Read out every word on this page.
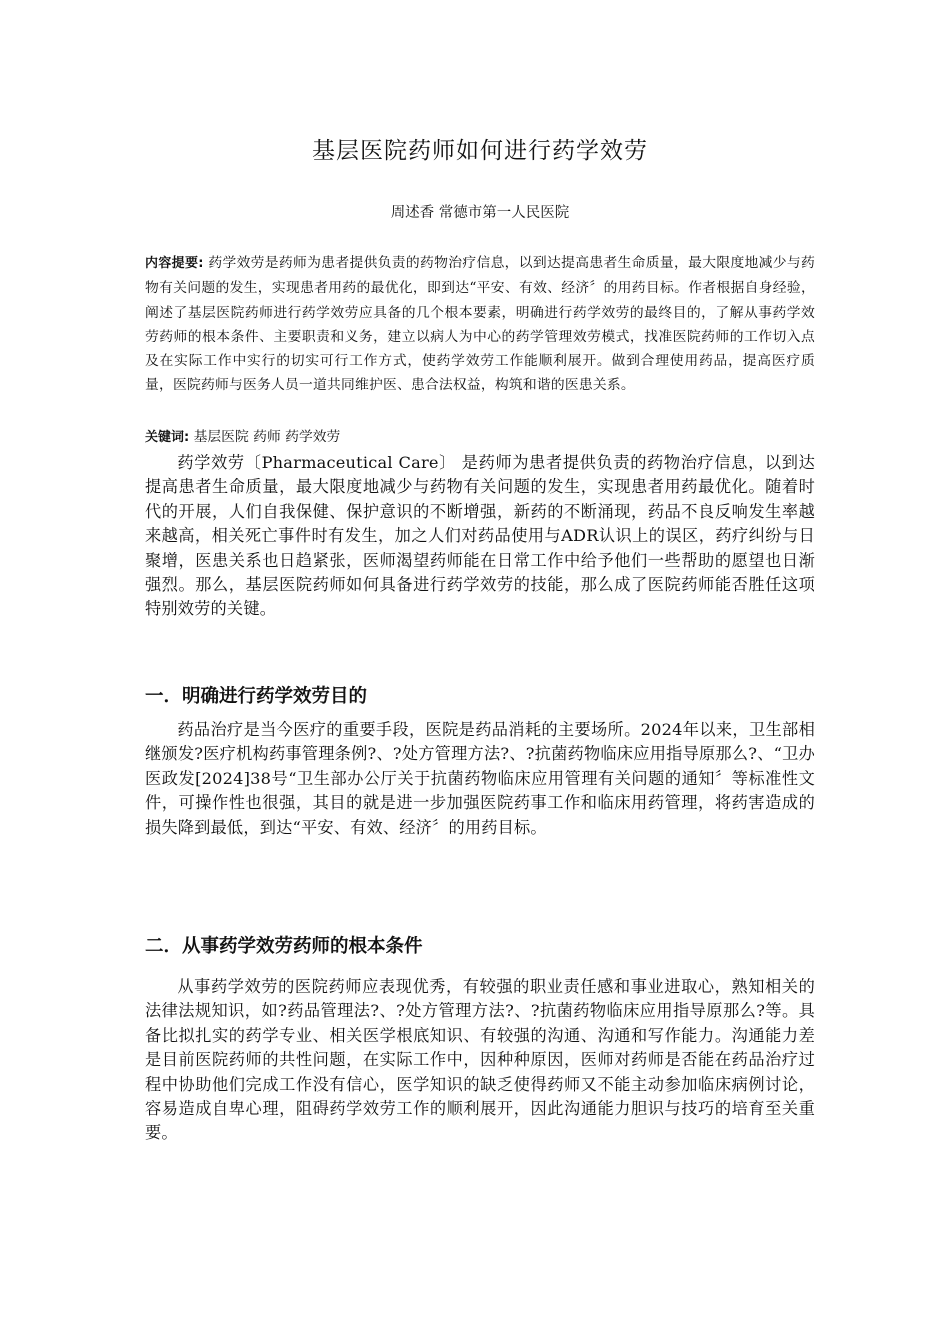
基层医院药师如何进行药学效劳
周述香 常德市第一人民医院

内容提要: 药学效劳是药师为患者提供负责的药物治疗信息，以到达提高患者生命质量，最大限度地减少与药物有关问题的发生，实现患者用药的最优化，即到达“平安、有效、经济〞的用药目标。作者根据自身经验，阐述了基层医院药师进行药学效劳应具备的几个根本要素，明确进行药学效劳的最终目的，了解从事药学效劳药师的根本条件、主要职责和义务，建立以病人为中心的药学管理效劳模式，找准医院药师的工作切入点及在实际工作中实行的切实可行工作方式，使药学效劳工作能顺利展开。做到合理使用药品，提高医疗质量，医院药师与医务人员一道共同维护医、患合法权益，构筑和谐的医患关系。

关键词: 基层医院 药师 药学效劳

药学效劳〔Pharmaceutical Care〕 是药师为患者提供负责的药物治疗信息，以到达提高患者生命质量，最大限度地减少与药物有关问题的发生，实现患者用药最优化。随着时代的开展，人们自我保健、保护意识的不断增强，新药的不断涌现，药品不良反响发生率越来越高，相关死亡事件时有发生，加之人们对药品使用与ADR认识上的误区，药疗纠纷与日聚增，医患关系也日趋紧张，医师渴望药师能在日常工作中给予他们一些帮助的愿望也日渐强烈。那么，基层医院药师如何具备进行药学效劳的技能，那么成了医院药师能否胜任这项特别效劳的关键。

一．明确进行药学效劳目的

药品治疗是当今医疗的重要手段，医院是药品消耗的主要场所。2024年以来，卫生部相继颁发?医疗机构药事管理条例?、?处方管理方法?、?抗菌药物临床应用指导原那么?、“卫办医政发[2024]38号“卫生部办公厅关于抗菌药物临床应用管理有关问题的通知〞等标准性文件，可操作性也很强，其目的就是进一步加强医院药事工作和临床用药管理，将药害造成的损失降到最低，到达“平安、有效、经济〞的用药目标。

二．从事药学效劳药师的根本条件

从事药学效劳的医院药师应表现优秀，有较强的职业责任感和事业进取心，熟知相关的法律法规知识，如?药品管理法?、?处方管理方法?、?抗菌药物临床应用指导原那么?等。具备比拟扎实的药学专业、相关医学根底知识、有较强的沟通、沟通和写作能力。沟通能力差是目前医院药师的共性问题，在实际工作中，因种种原因，医师对药师是否能在药品治疗过程中协助他们完成工作没有信心，医学知识的缺乏使得药师又不能主动参加临床病例讨论，容易造成自卑心理，阻碍药学效劳工作的顺利展开，因此沟通能力胆识与技巧的培育至关重要。
